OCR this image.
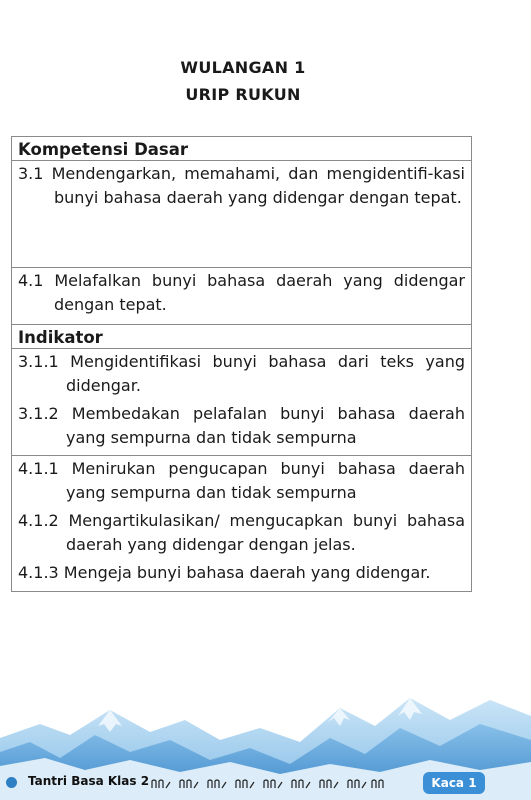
WULANGAN 1
URIP RUKUN
Kompetensi Dasar
3.1 Mendengarkan, memahami, dan mengidentifi-kasi bunyi bahasa daerah yang didengar dengan tepat.
4.1 Melafalkan bunyi bahasa daerah yang didengar dengan tepat.
Indikator
3.1.1 Mengidentifikasi bunyi bahasa dari teks yang didengar.
3.1.2 Membedakan pelafalan bunyi bahasa daerah yang sempurna dan tidak sempurna
4.1.1 Menirukan pengucapan bunyi bahasa daerah yang sempurna dan tidak sempurna
4.1.2 Mengartikulasikan/ mengucapkan bunyi bahasa daerah yang didengar dengan jelas.
4.1.3 Mengeja bunyi bahasa daerah yang didengar.
Tantri Basa Klas 2	Kaca 1
